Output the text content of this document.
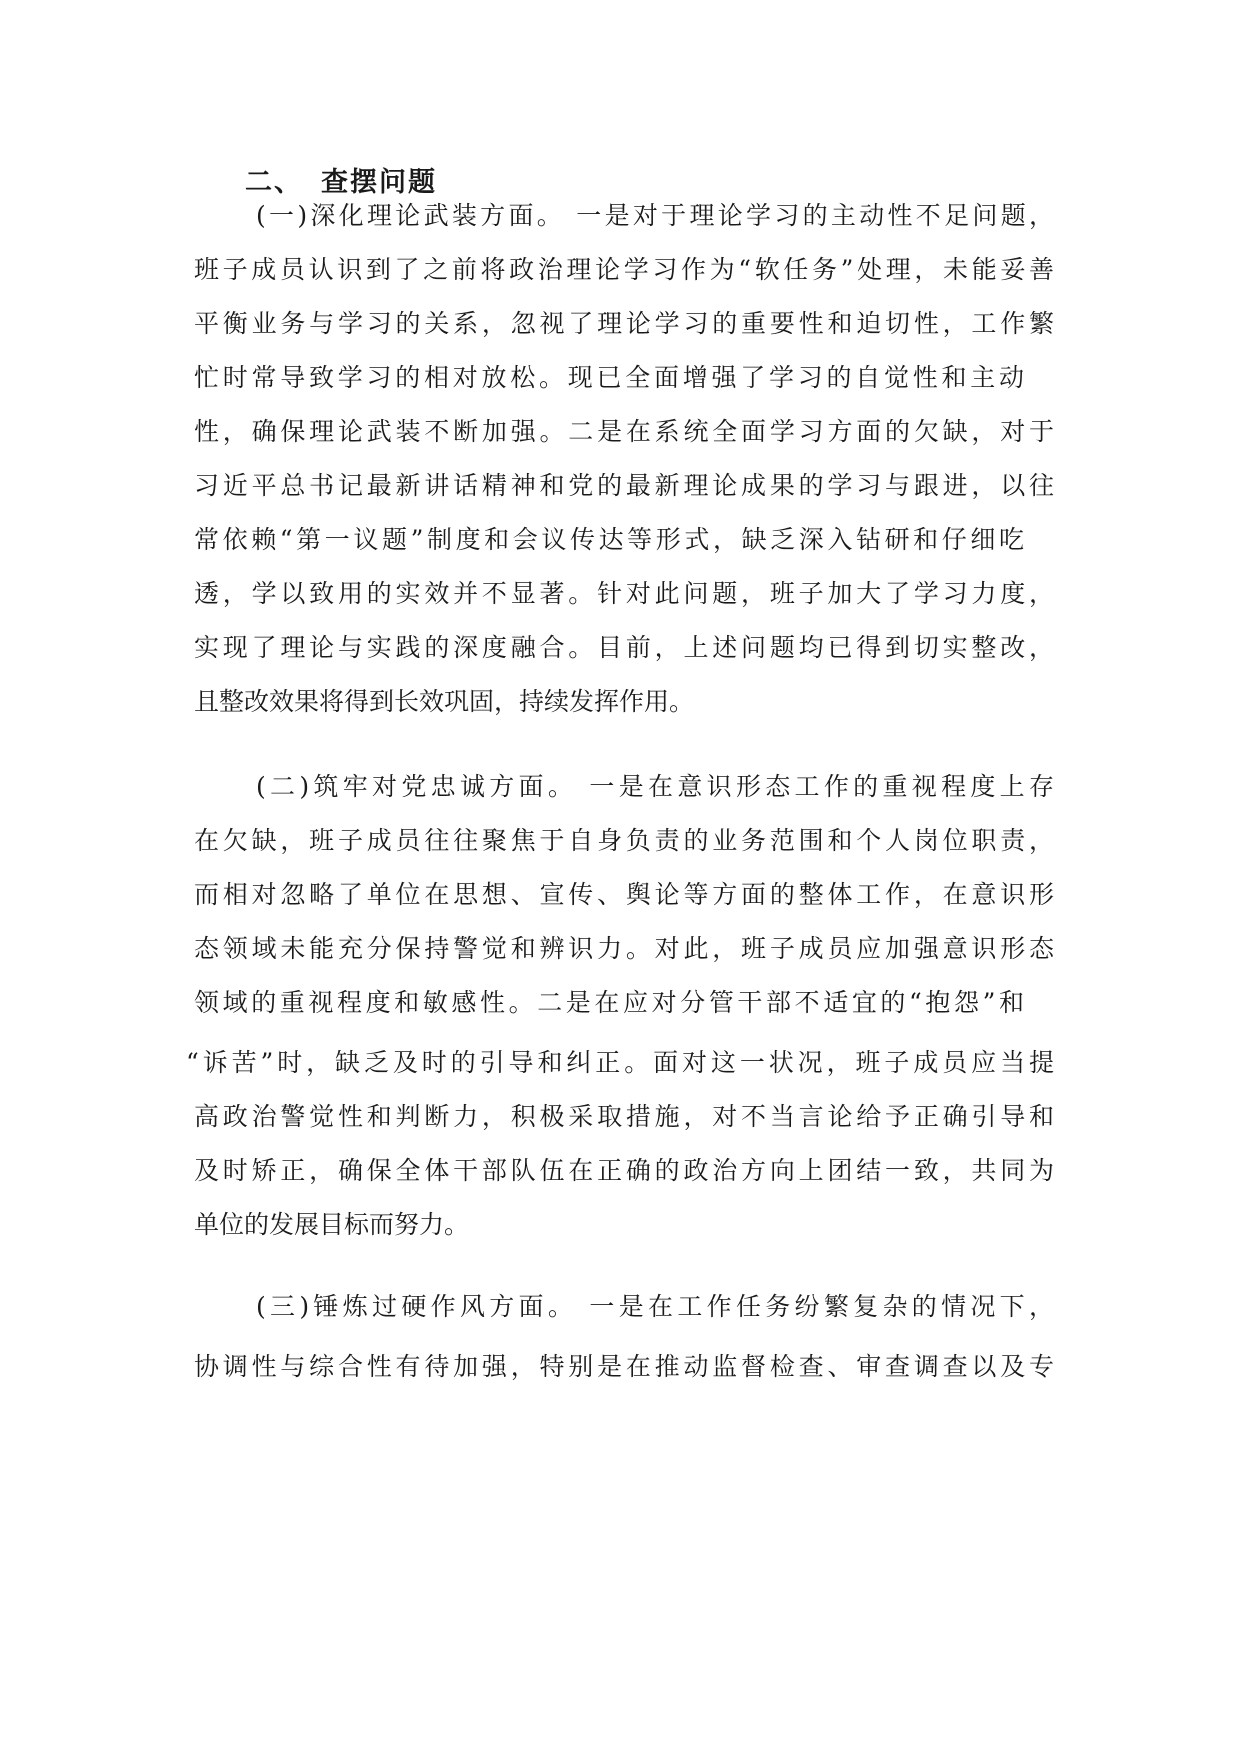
二、 查摆问题
(一)深化理论武装方面。 一是对于理论学习的主动性不足问题，
班子成员认识到了之前将政治理论学习作为“软任务”处理，未能妥善
平衡业务与学习的关系，忽视了理论学习的重要性和迫切性，工作繁
忙时常导致学习的相对放松。现已全面增强了学习的自觉性和主动
性，确保理论武装不断加强。二是在系统全面学习方面的欠缺，对于
习近平总书记最新讲话精神和党的最新理论成果的学习与跟进，以往
常依赖“第一议题”制度和会议传达等形式，缺乏深入钻研和仔细吃
透，学以致用的实效并不显著。针对此问题，班子加大了学习力度，
实现了理论与实践的深度融合。目前，上述问题均已得到切实整改，
且整改效果将得到长效巩固，持续发挥作用。
(二)筑牢对党忠诚方面。 一是在意识形态工作的重视程度上存
在欠缺，班子成员往往聚焦于自身负责的业务范围和个人岗位职责，
而相对忽略了单位在思想、宣传、舆论等方面的整体工作，在意识形
态领域未能充分保持警觉和辨识力。对此，班子成员应加强意识形态
领域的重视程度和敏感性。二是在应对分管干部不适宜的“抱怨”和
“诉苦”时，缺乏及时的引导和纠正。面对这一状况，班子成员应当提
高政治警觉性和判断力，积极采取措施，对不当言论给予正确引导和
及时矫正，确保全体干部队伍在正确的政治方向上团结一致，共同为
单位的发展目标而努力。
(三)锤炼过硬作风方面。 一是在工作任务纷繁复杂的情况下，
协调性与综合性有待加强，特别是在推动监督检查、审查调查以及专
